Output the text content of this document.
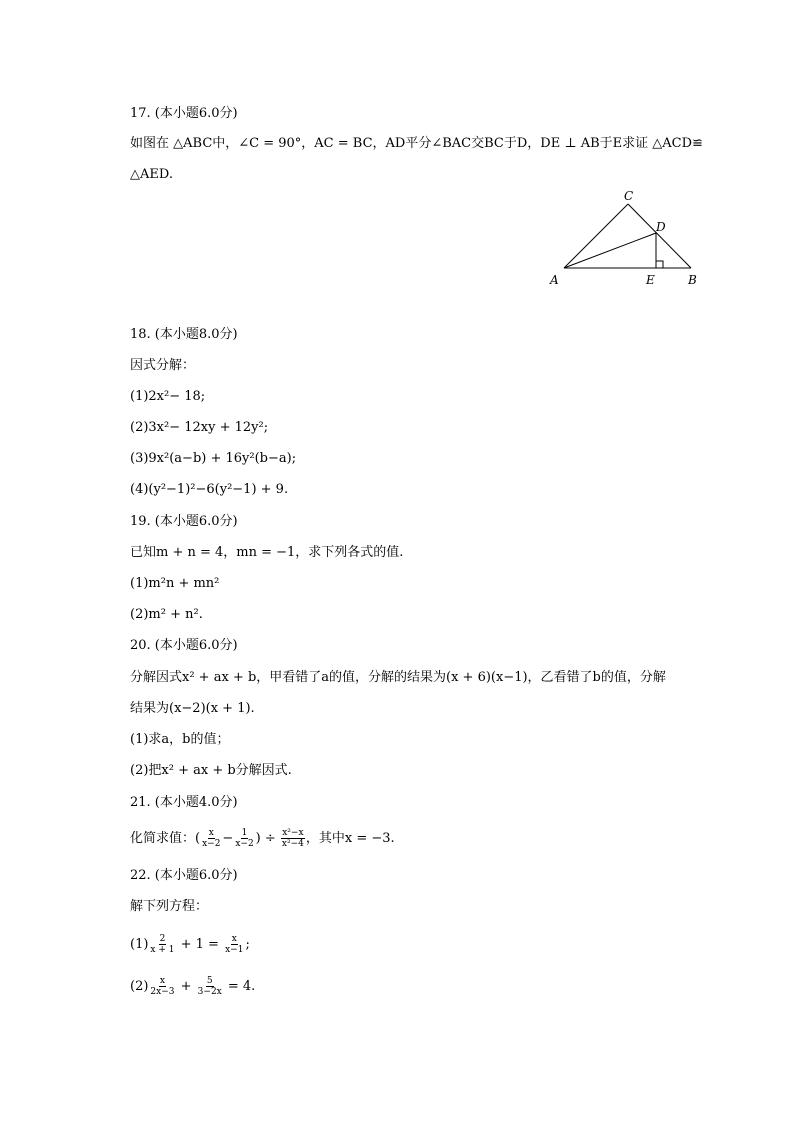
17. (本小题6.0分)
如图在 △ABC中，∠C = 90°，AC = BC，AD平分∠BAC交BC于D，DE ⊥ AB于E求证 △ACD≌
△AED.
A
C
D
E	B
18. (本小题8.0分)
因式分解：
(1)2x²− 18;
(2)3x²− 12xy + 12y²;
(3)9x²(a−b) + 16y²(b−a);
(4)(y²−1)²−6(y²−1) + 9.
19. (本小题6.0分)
已知m + n = 4，mn = −1，求下列各式的值.
(1)m²n + mn²
(2)m² + n².
20. (本小题6.0分)
分解因式x² + ax + b，甲看错了a的值，分解的结果为(x + 6)(x−1)，乙看错了b的值，分解
结果为(x−2)(x + 1).
(1)求a，b的值；
(2)把x² + ax + b分解因式.
21. (本小题4.0分)
化简求值：( $\frac{x}{x-2} - \frac{1}{x-2}$ ) ÷ $\frac{\text{x²−x}}{\text{x²−4}}$ ，其中x = −3.
22. (本小题6.0分)
解下列方程：
$(1) \frac{2}{x + 1} + 1 = \frac{x}{x-1}$ ;
$(2) \frac{x}{2x-3} + \frac{5}{3-2x} = 4$.
